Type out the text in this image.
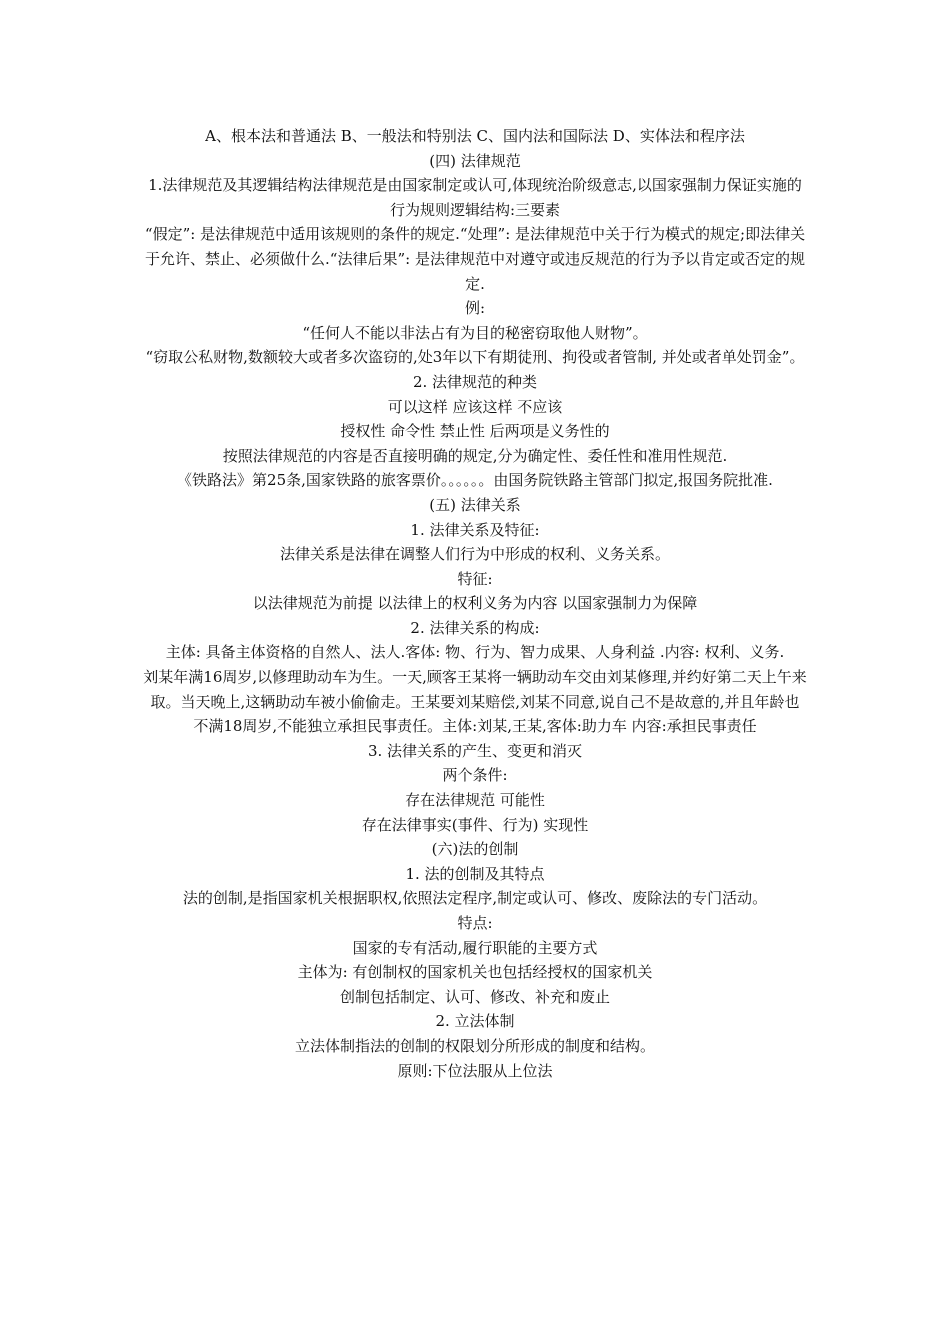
A、根本法和普通法 B、一般法和特别法 C、国内法和国际法 D、实体法和程序法

(四) 法律规范

1.法律规范及其逻辑结构法律规范是由国家制定或认可,体现统治阶级意志,以国家强制力保证实施的行为规则逻辑结构:三要素

“假定”: 是法律规范中适用该规则的条件的规定.“处理”: 是法律规范中关于行为模式的规定;即法律关于允许、禁止、必须做什么.“法律后果”: 是法律规范中对遵守或违反规范的行为予以肯定或否定的规定.

例:

“任何人不能以非法占有为目的秘密窃取他人财物”。

“窃取公私财物,数额较大或者多次盗窃的,处3年以下有期徒刑、拘役或者管制, 并处或者单处罚金”。

2. 法律规范的种类

可以这样 应该这样 不应该

授权性 命令性 禁止性 后两项是义务性的

按照法律规范的内容是否直接明确的规定,分为确定性、委任性和准用性规范.

《铁路法》第25条,国家铁路的旅客票价。。。。。。由国务院铁路主管部门拟定,报国务院批准.

(五) 法律关系

1. 法律关系及特征:

法律关系是法律在调整人们行为中形成的权利、义务关系。

特征:

以法律规范为前提 以法律上的权利义务为内容 以国家强制力为保障

2. 法律关系的构成:

主体: 具备主体资格的自然人、法人.客体: 物、行为、智力成果、人身利益 .内容: 权利、义务.

刘某年满16周岁,以修理助动车为生。一天,顾客王某将一辆助动车交由刘某修理,并约好第二天上午来取。当天晚上,这辆助动车被小偷偷走。王某要刘某赔偿,刘某不同意,说自己不是故意的,并且年龄也不满18周岁,不能独立承担民事责任。主体:刘某,王某,客体:助力车 内容:承担民事责任

3. 法律关系的产生、变更和消灭

两个条件:

存在法律规范 可能性

存在法律事实(事件、行为) 实现性

(六)法的创制

1. 法的创制及其特点

法的创制,是指国家机关根据职权,依照法定程序,制定或认可、修改、废除法的专门活动。

特点:

国家的专有活动,履行职能的主要方式

主体为: 有创制权的国家机关也包括经授权的国家机关

创制包括制定、认可、修改、补充和废止

2. 立法体制

立法体制指法的创制的权限划分所形成的制度和结构。

原则:下位法服从上位法
